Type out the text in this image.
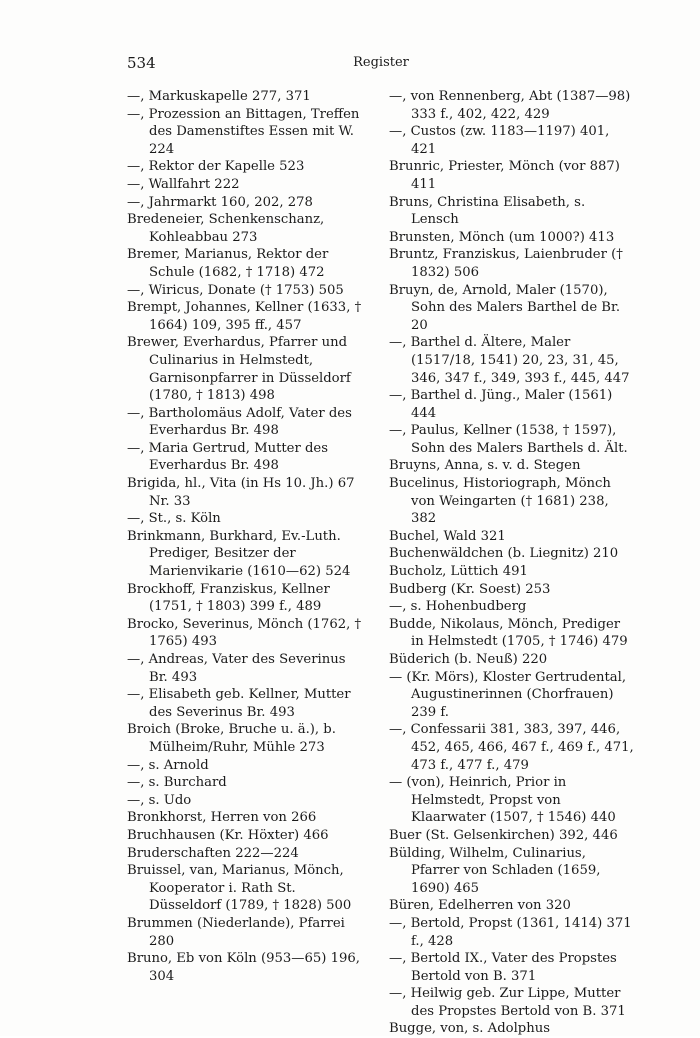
534	Register

—, Markuskapelle 277, 371

—, Prozession an Bittagen, Treffen des Damenstiftes Essen mit W. 224

—, Rektor der Kapelle 523

—, Wallfahrt 222

—, Jahrmarkt 160, 202, 278

Bredeneier, Schenkenschanz, Kohleabbau 273

Bremer, Marianus, Rektor der Schule (1682, † 1718) 472

—, Wiricus, Donate († 1753) 505

Brempt, Johannes, Kellner (1633, † 1664) 109, 395 ff., 457

Brewer, Everhardus, Pfarrer und Culinarius in Helmstedt, Garnisonpfarrer in Düsseldorf (1780, † 1813) 498

—, Bartholomäus Adolf, Vater des Everhardus Br. 498

—, Maria Gertrud, Mutter des Everhardus Br. 498

Brigida, hl., Vita (in Hs 10. Jh.) 67 Nr. 33

—, St., s. Köln

Brinkmann, Burkhard, Ev.-Luth. Prediger, Besitzer der Marienvikarie (1610—62) 524

Brockhoff, Franziskus, Kellner (1751, † 1803) 399 f., 489

Brocko, Severinus, Mönch (1762, † 1765) 493

—, Andreas, Vater des Severinus Br. 493

—, Elisabeth geb. Kellner, Mutter des Severinus Br. 493

Broich (Broke, Bruche u. ä.), b. Mülheim/Ruhr, Mühle 273

—, s. Arnold

—, s. Burchard

—, s. Udo

Bronkhorst, Herren von 266

Bruchhausen (Kr. Höxter) 466

Bruderschaften 222—224

Bruissel, van, Marianus, Mönch, Kooperator i. Rath St. Düsseldorf (1789, † 1828) 500

Brummen (Niederlande), Pfarrei 280

Bruno, Eb von Köln (953—65) 196, 304

—, von Rennenberg, Abt (1387—98) 333 f., 402, 422, 429

—, Custos (zw. 1183—1197) 401, 421

Brunric, Priester, Mönch (vor 887) 411

Bruns, Christina Elisabeth, s. Lensch

Brunsten, Mönch (um 1000?) 413

Bruntz, Franziskus, Laienbruder († 1832) 506

Bruyn, de, Arnold, Maler (1570), Sohn des Malers Barthel de Br. 20

—, Barthel d. Ältere, Maler (1517/18, 1541) 20, 23, 31, 45, 346, 347 f., 349, 393 f., 445, 447

—, Barthel d. Jüng., Maler (1561) 444

—, Paulus, Kellner (1538, † 1597), Sohn des Malers Barthels d. Ält.

Bruyns, Anna, s. v. d. Stegen

Bucelinus, Historiograph, Mönch von Weingarten († 1681) 238, 382

Buchel, Wald 321

Buchenwäldchen (b. Liegnitz) 210

Bucholz, Lüttich 491

Budberg (Kr. Soest) 253

—, s. Hohenbudberg

Budde, Nikolaus, Mönch, Prediger in Helmstedt (1705, † 1746) 479

Büderich (b. Neuß) 220

— (Kr. Mörs), Kloster Gertrudental, Augustinerinnen (Chorfrauen) 239 f.

—, Confessarii 381, 383, 397, 446, 452, 465, 466, 467 f., 469 f., 471, 473 f., 477 f., 479

— (von), Heinrich, Prior in Helmstedt, Propst von Klaarwater (1507, † 1546) 440

Buer (St. Gelsenkirchen) 392, 446

Bülding, Wilhelm, Culinarius, Pfarrer von Schladen (1659, 1690) 465

Büren, Edelherren von 320

—, Bertold, Propst (1361, 1414) 371 f., 428

—, Bertold IX., Vater des Propstes Bertold von B. 371

—, Heilwig geb. Zur Lippe, Mutter des Propstes Bertold von B. 371

Bugge, von, s. Adolphus
